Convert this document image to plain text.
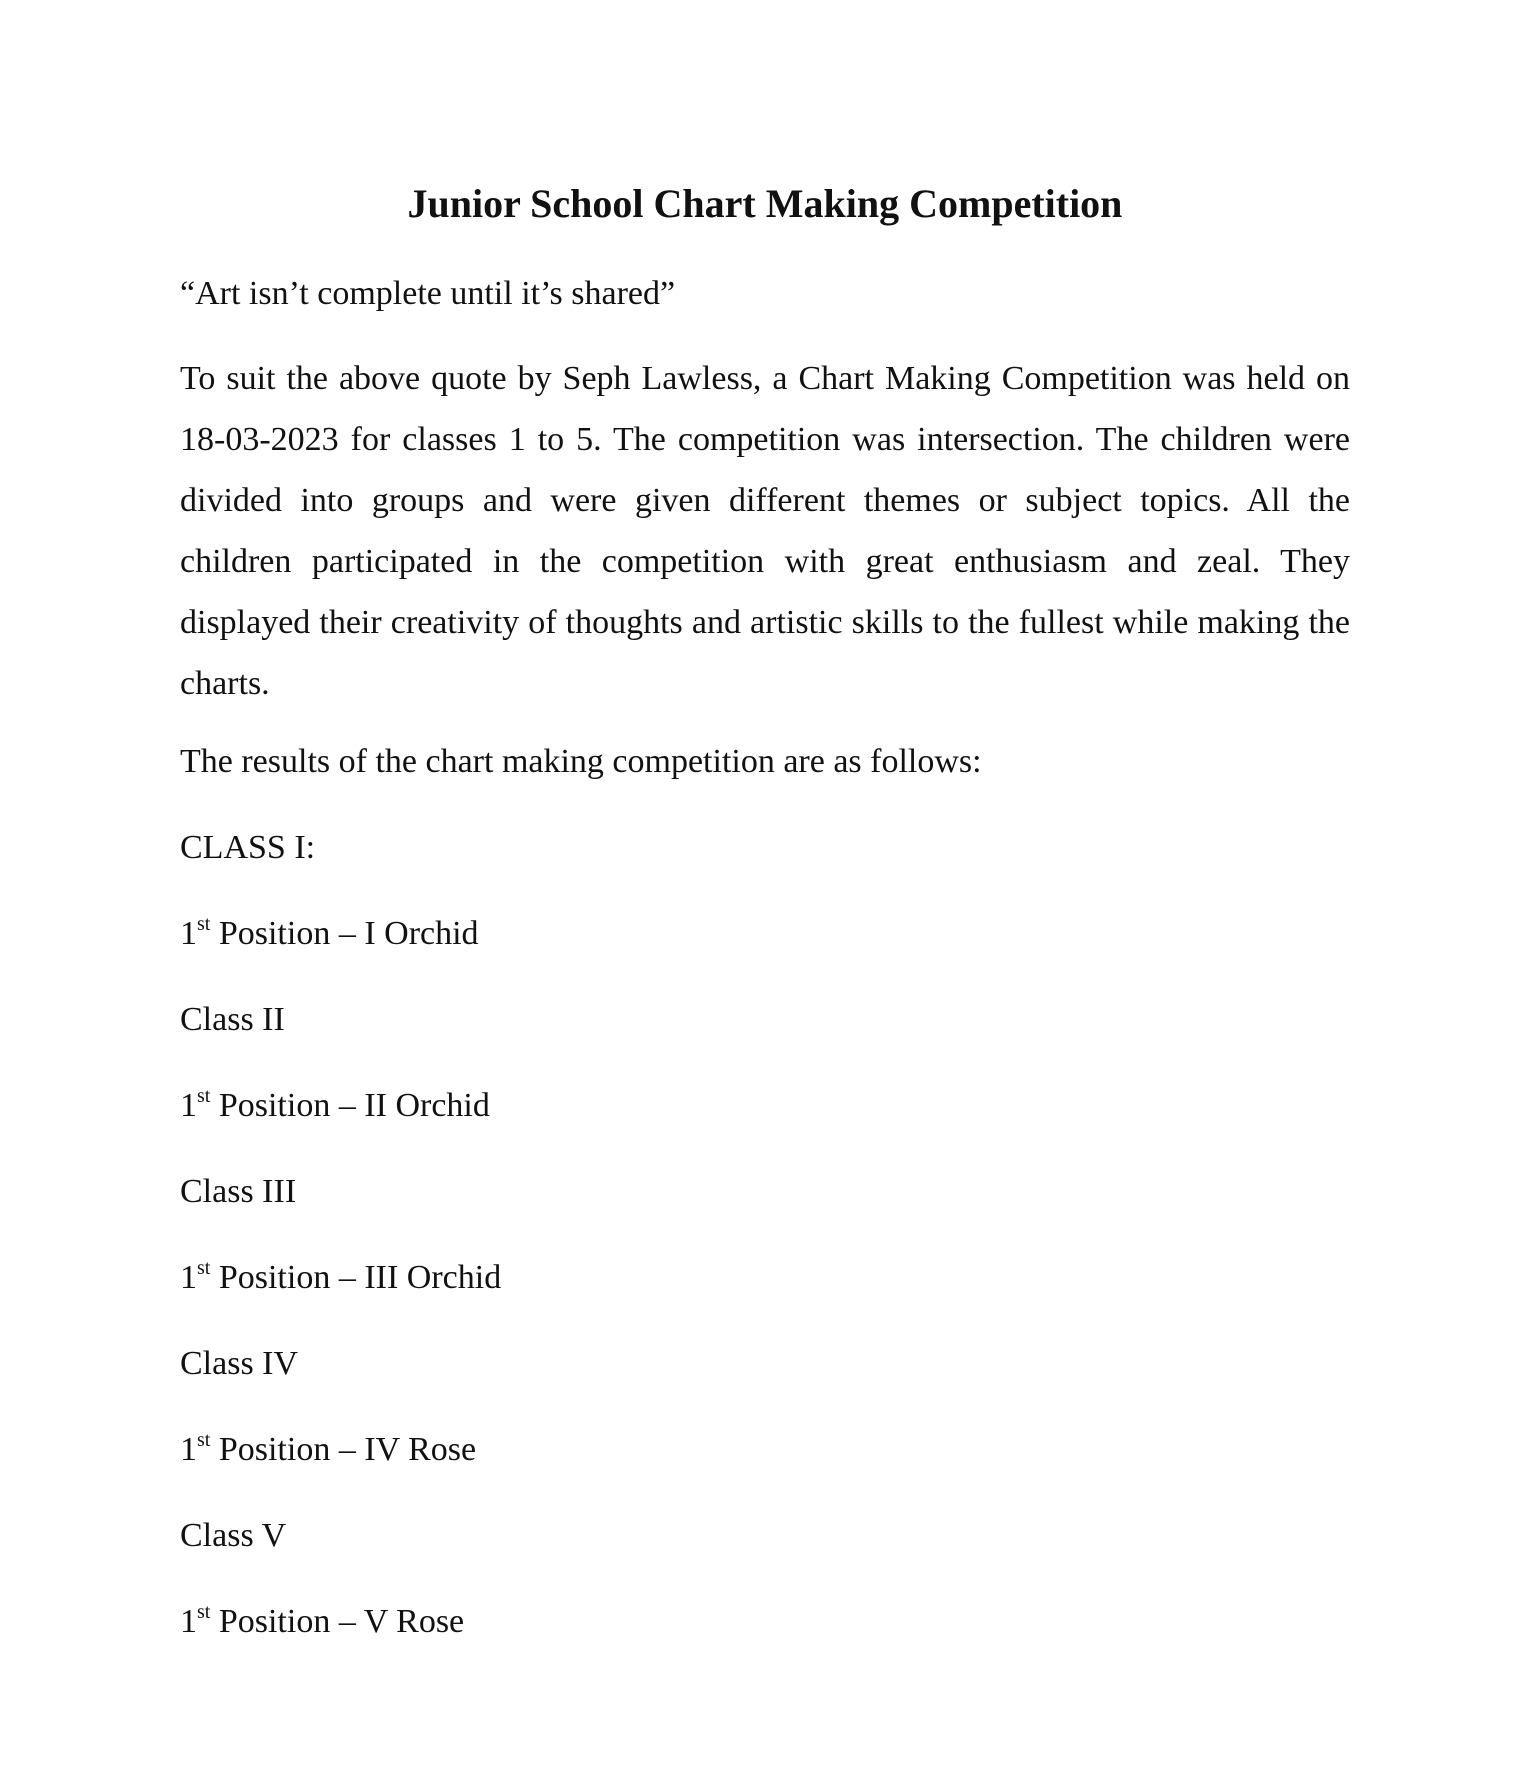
Junior School Chart Making Competition

“Art isn’t complete until it’s shared”

To suit the above quote by Seph Lawless, a Chart Making Competition was held on 18-03-2023 for classes 1 to 5. The competition was intersection. The children were divided into groups and were given different themes or subject topics. All the children participated in the competition with great enthusiasm and zeal. They displayed their creativity of thoughts and artistic skills to the fullest while making the charts.

The results of the chart making competition are as follows:

CLASS I:
1st Position – I Orchid
Class II
1st Position – II Orchid
Class III
1st Position – III Orchid
Class IV
1st Position – IV Rose
Class V
1st Position – V Rose
